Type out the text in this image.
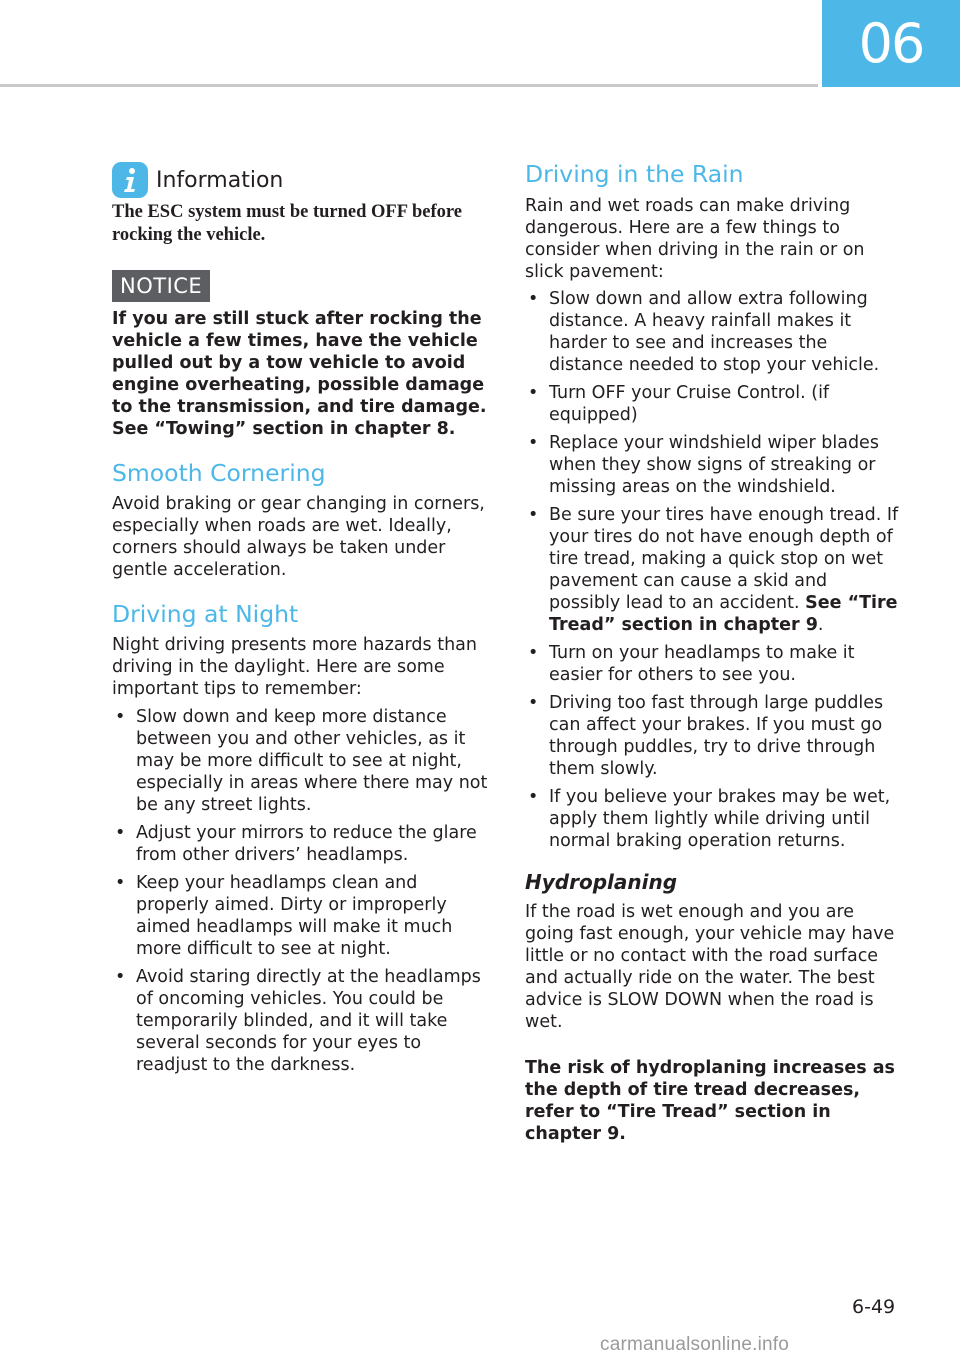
06
Information
The ESC system must be turned OFF before rocking the vehicle.
NOTICE
If you are still stuck after rocking the vehicle a few times, have the vehicle pulled out by a tow vehicle to avoid engine overheating, possible damage to the transmission, and tire damage. See “Towing” section in chapter 8.
Smooth Cornering
Avoid braking or gear changing in corners, especially when roads are wet. Ideally, corners should always be taken under gentle acceleration.
Driving at Night
Night driving presents more hazards than driving in the daylight. Here are some important tips to remember:
• Slow down and keep more distance between you and other vehicles, as it may be more difficult to see at night, especially in areas where there may not be any street lights.
• Adjust your mirrors to reduce the glare from other drivers’ headlamps.
• Keep your headlamps clean and properly aimed. Dirty or improperly aimed headlamps will make it much more difficult to see at night.
• Avoid staring directly at the headlamps of oncoming vehicles. You could be temporarily blinded, and it will take several seconds for your eyes to readjust to the darkness.
Driving in the Rain
Rain and wet roads can make driving dangerous. Here are a few things to consider when driving in the rain or on slick pavement:
• Slow down and allow extra following distance. A heavy rainfall makes it harder to see and increases the distance needed to stop your vehicle.
• Turn OFF your Cruise Control. (if equipped)
• Replace your windshield wiper blades when they show signs of streaking or missing areas on the windshield.
• Be sure your tires have enough tread. If your tires do not have enough depth of tire tread, making a quick stop on wet pavement can cause a skid and possibly lead to an accident. See “Tire Tread” section in chapter 9.
• Turn on your headlamps to make it easier for others to see you.
• Driving too fast through large puddles can affect your brakes. If you must go through puddles, try to drive through them slowly.
• If you believe your brakes may be wet, apply them lightly while driving until normal braking operation returns.
Hydroplaning
If the road is wet enough and you are going fast enough, your vehicle may have little or no contact with the road surface and actually ride on the water. The best advice is SLOW DOWN when the road is wet.
The risk of hydroplaning increases as the depth of tire tread decreases, refer to “Tire Tread” section in chapter 9.
6-49
carmanualsonline.info
